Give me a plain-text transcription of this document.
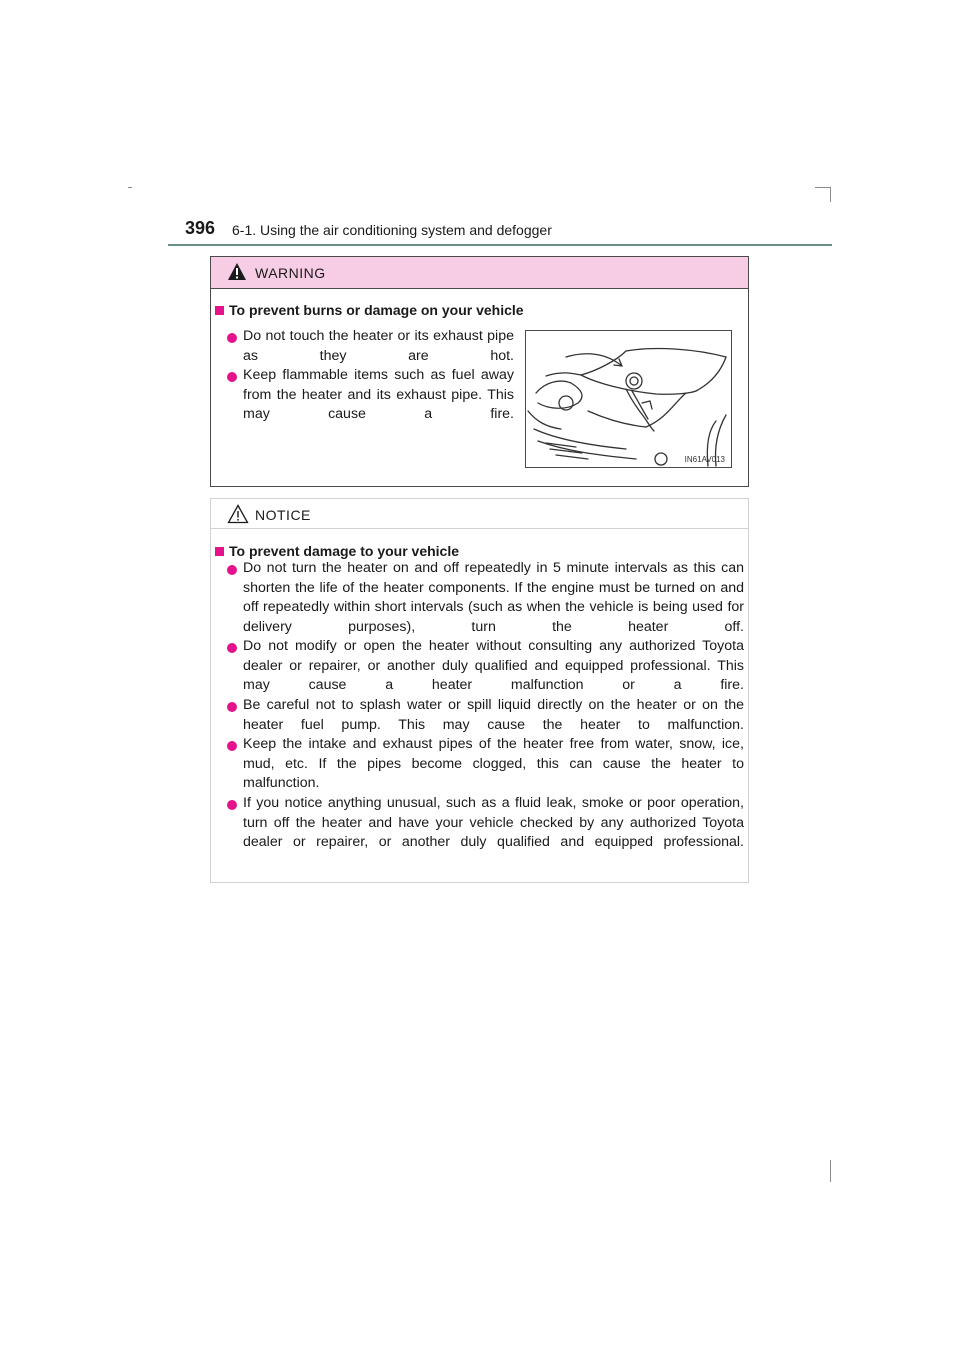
396 6-1. Using the air conditioning system and defogger
WARNING
To prevent burns or damage on your vehicle
Do not touch the heater or its exhaust pipe as they are hot.
Keep flammable items such as fuel away from the heater and its exhaust pipe. This may cause a fire.
IN61AV013
NOTICE
To prevent damage to your vehicle
Do not turn the heater on and off repeatedly in 5 minute intervals as this can shorten the life of the heater components. If the engine must be turned on and off repeatedly within short intervals (such as when the vehicle is being used for delivery purposes), turn the heater off.
Do not modify or open the heater without consulting any authorized Toyota dealer or repairer, or another duly qualified and equipped professional. This may cause a heater malfunction or a fire.
Be careful not to splash water or spill liquid directly on the heater or on the heater fuel pump. This may cause the heater to malfunction.
Keep the intake and exhaust pipes of the heater free from water, snow, ice, mud, etc. If the pipes become clogged, this can cause the heater to malfunction.
If you notice anything unusual, such as a fluid leak, smoke or poor operation, turn off the heater and have your vehicle checked by any authorized Toyota dealer or repairer, or another duly qualified and equipped professional.
